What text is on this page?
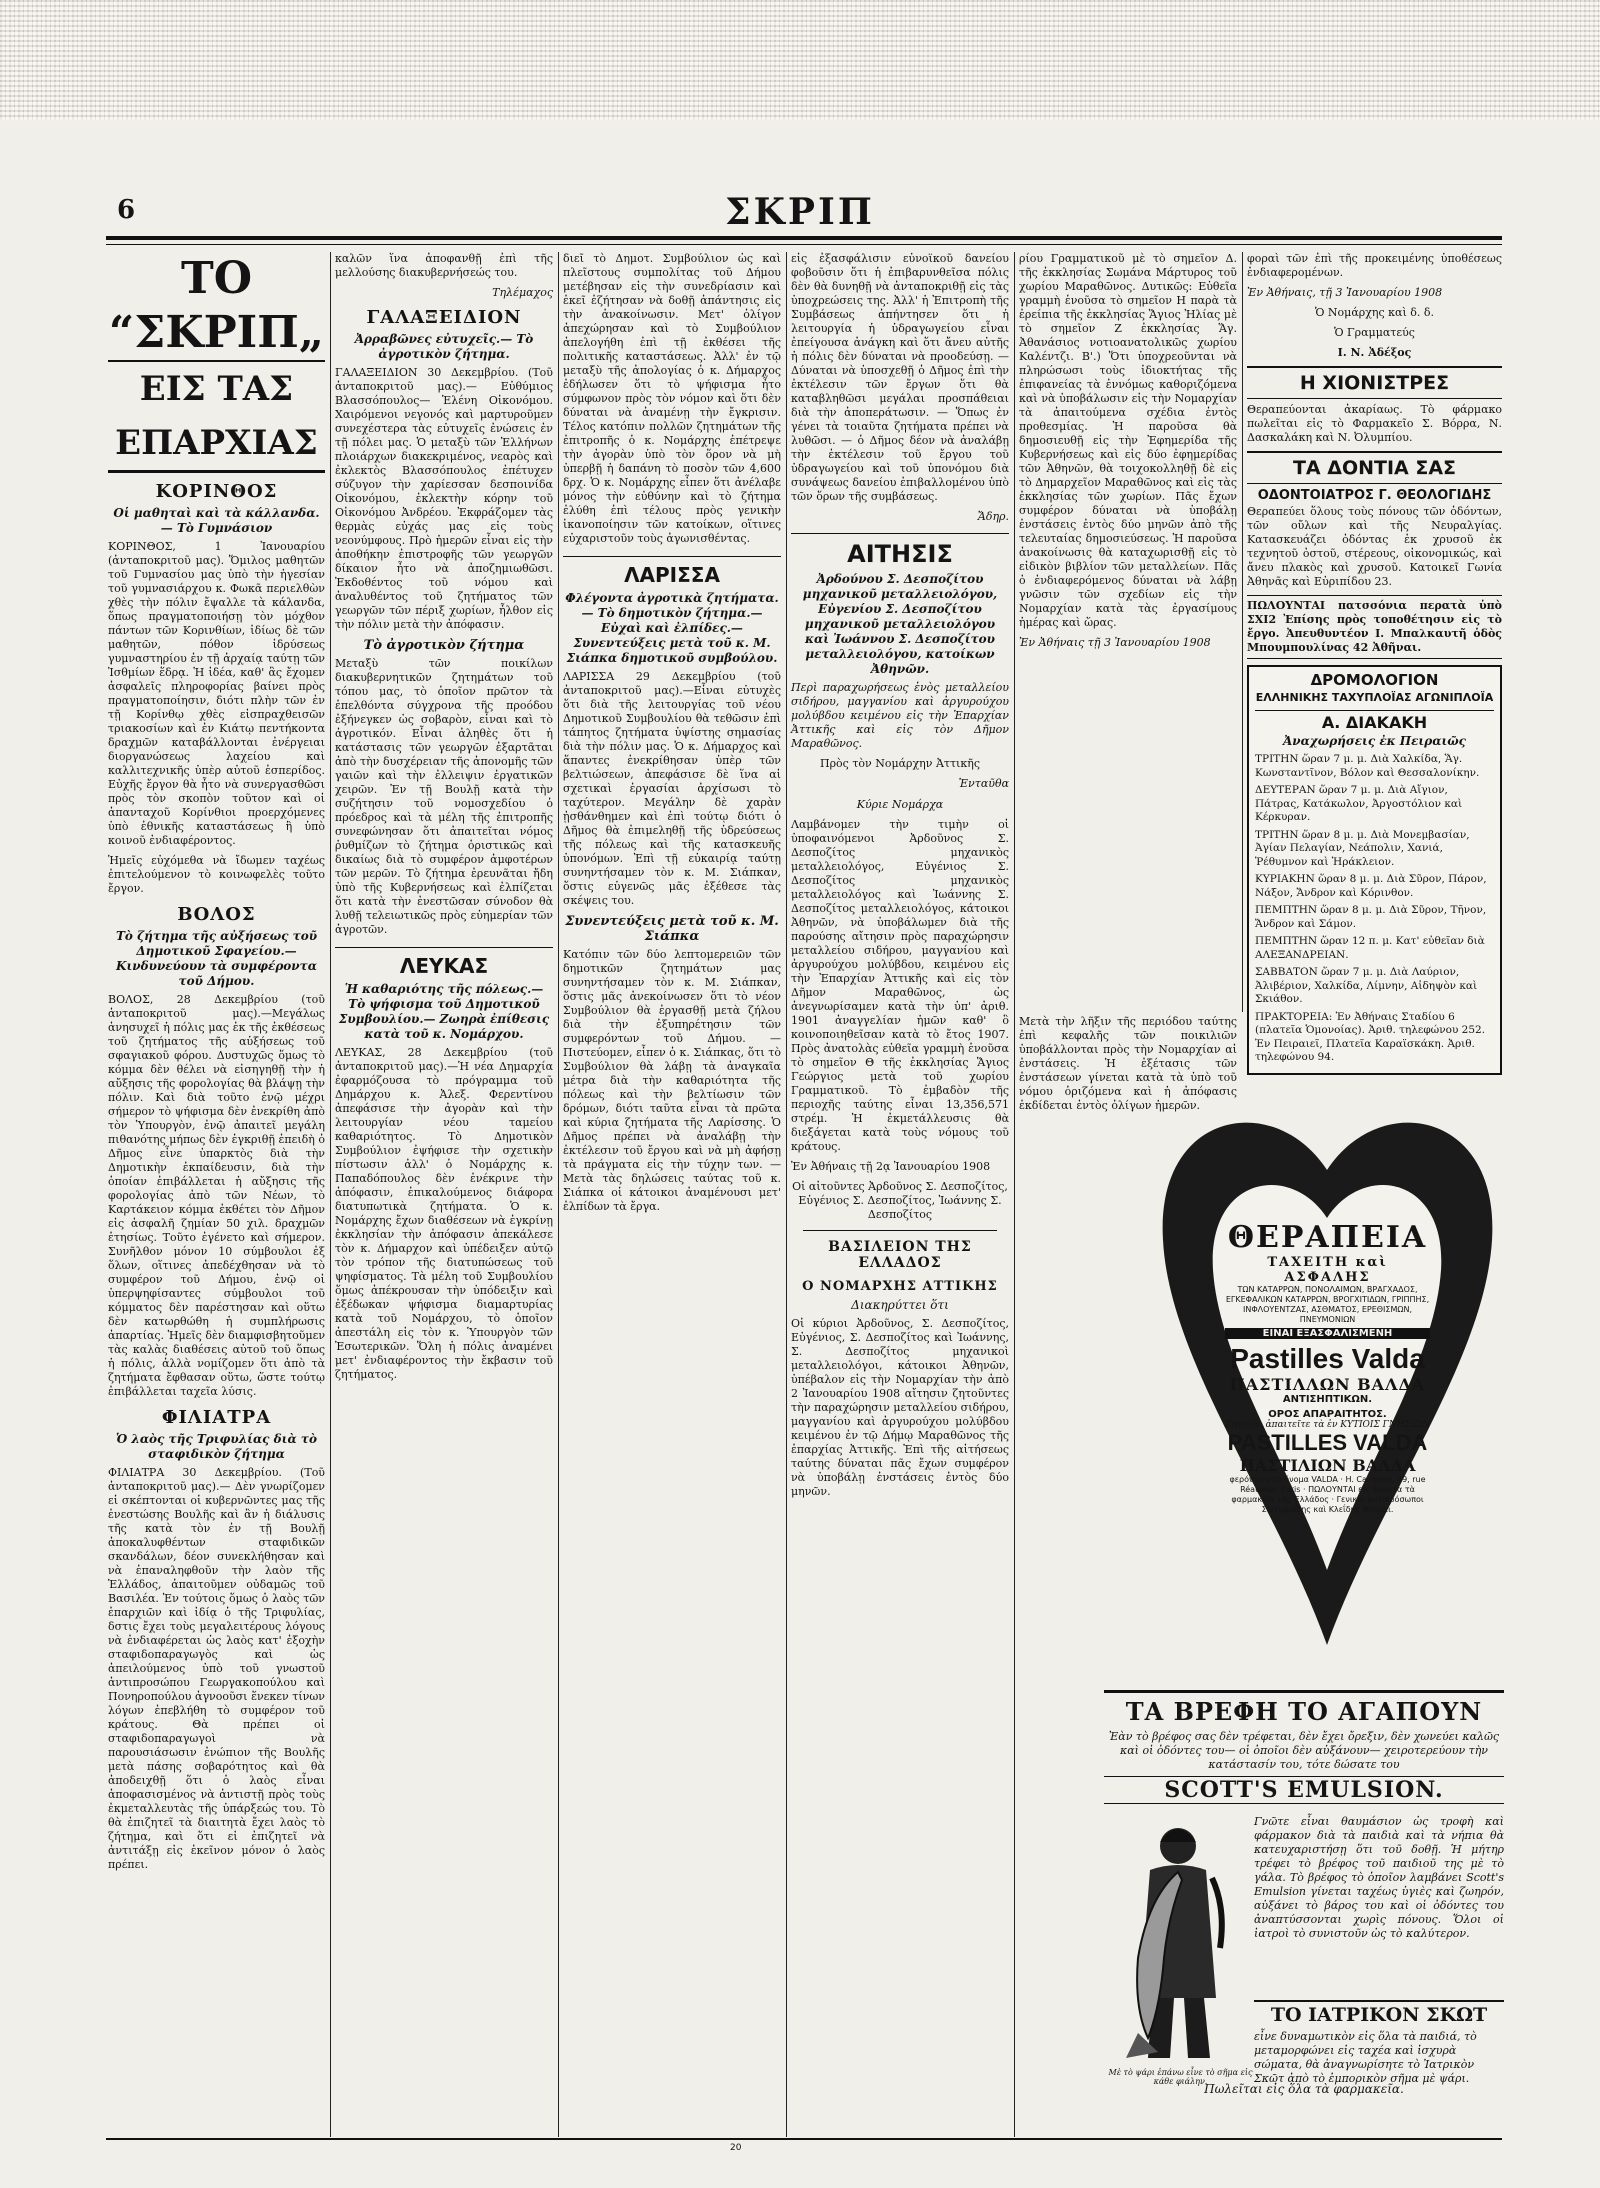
6	ΣΚΡΙΠ
ΤΟ “ΣΚΡΙΠ„
ΕΙΣ ΤΑΣ ΕΠΑΡΧΙΑΣ
ΚΟΡΙΝΘΟΣ
Οἱ μαθηταὶ καὶ τὰ κάλλανδα.— Τὸ Γυμνάσιον

ΚΟΡΙΝΘΟΣ, 1 Ἰανουαρίου (ἀνταποκριτοῦ μας). Ὅμιλος μαθητῶν τοῦ Γυμνασίου μας ὑπὸ τὴν ἡγεσίαν τοῦ γυμνασιάρχου κ. Φωκᾶ περιελθὼν χθὲς τὴν πόλιν ἔψαλλε τὰ κάλανδα, ὅπως πραγματοποιήσῃ τὸν μόχθον πάντων τῶν Κορινθίων, ἰδίως δὲ τῶν μαθητῶν, πόθον ἱδρύσεως γυμναστηρίου ἐν τῇ ἀρχαίᾳ ταύτῃ τῶν Ἰσθμίων ἕδρᾳ. Ἡ ἰδέα, καθ' ἃς ἔχομεν ἀσφαλεῖς πληροφορίας βαίνει πρὸς πραγματοποίησιν, διότι πλὴν τῶν ἐν τῇ Κορίνθῳ χθὲς εἰσπραχθεισῶν τριακοσίων καὶ ἐν Κιάτῳ πεντήκοντα δραχμῶν καταβάλλονται ἐνέργειαι διοργανώσεως λαχείου καὶ καλλιτεχνικῆς ὑπὲρ αὐτοῦ ἑσπερίδος. Εὐχῆς ἔργον θὰ ἦτο νὰ συνεργασθῶσι πρὸς τὸν σκοπὸν τοῦτον καὶ οἱ ἁπανταχοῦ Κορίνθιοι προερχόμενες ὑπὸ ἐθνικῆς καταστάσεως ἢ ὑπὸ κοινοῦ ἐνδιαφέροντος.

Ἡμεῖς εὐχόμεθα νὰ ἴδωμεν ταχέως ἐπιτελούμενον τὸ κοινωφελὲς τοῦτο ἔργον.

ΒΟΛΟΣ
Τὸ ζήτημα τῆς αὐξήσεως τοῦ Δημοτικοῦ Σφαγείου.—Κινδυνεύουν τὰ συμφέροντα τοῦ Δήμου.

ΒΟΛΟΣ, 28 Δεκεμβρίου (τοῦ ἀνταποκριτοῦ μας).—Μεγάλως ἀνησυχεῖ ἡ πόλις μας ἐκ τῆς ἐκθέσεως τοῦ ζητήματος τῆς αὐξήσεως τοῦ σφαγιακοῦ φόρου. Δυστυχῶς ὅμως τὸ κόμμα δὲν θέλει νὰ εἰσηγηθῇ τὴν ἡ αὔξησις τῆς φορολογίας θὰ βλάψῃ τὴν πόλιν. Καὶ διὰ τοῦτο ἐνῷ μέχρι σήμερον τὸ ψήφισμα δὲν ἐνεκρίθη ἀπὸ τὸν Ὑπουργὸν, ἐνῷ ἀπαιτεῖ μεγάλη πιθανότης μήπως δὲν ἐγκριθῇ ἐπειδὴ ὁ Δῆμος εἶνε ὑπαρκτὸς διὰ τὴν Δημοτικὴν ἐκπαίδευσιν, διὰ τὴν ὁποίαν ἐπιβάλλεται ἡ αὔξησις τῆς φορολογίας ἀπὸ τῶν Νέων, τὸ Καρτάκειον κόμμα ἐκθέτει τὸν Δῆμον εἰς ἀσφαλῆ ζημίαν 50 χιλ. δραχμῶν ἐτησίως. Τοῦτο ἐγένετο καὶ σήμερον. Συνῆλθον μόνον 10 σύμβουλοι ἐξ ὅλων, οἵτινες ἀπεδέχθησαν νὰ τὸ συμφέρον τοῦ Δήμου, ἐνῷ οἱ ὑπερψηφίσαντες σύμβουλοι τοῦ κόμματος δὲν παρέστησαν καὶ οὕτω δὲν κατωρθώθη ἡ συμπλήρωσις ἀπαρτίας. Ἡμεῖς δὲν διαμφισβητοῦμεν τὰς καλὰς διαθέσεις αὐτοῦ τοῦ ὅπως ἡ πόλις, ἀλλὰ νομίζομεν ὅτι ἀπὸ τὰ ζητήματα ἔφθασαν οὕτω, ὥστε τούτῳ ἐπιβάλλεται ταχεῖα λύσις.

ΦΙΛΙΑΤΡΑ
Ὁ λαὸς τῆς Τριφυλίας διὰ τὸ σταφιδικὸν ζήτημα

ΦΙΛΙΑΤΡΑ 30 Δεκεμβρίου. (Τοῦ ἀνταποκριτοῦ μας).— Δὲν γνωρίζομεν εἰ σκέπτονται οἱ κυβερνῶντες μας τῆς ἐνεστώσης Βουλῆς καὶ ἂν ἡ διάλυσις τῆς κατὰ τὸν ἐν τῇ Βουλῇ ἀποκαλυφθέντων σταφιδικῶν σκανδάλων, δέον συνεκλήθησαν καὶ νὰ ἐπαναληφθοῦν τὴν λαὸν τῆς Ἑλλάδος, ἀπαιτοῦμεν οὐδαμῶς τοῦ Βασιλέα. Ἐν τούτοις ὅμως ὁ λαὸς τῶν ἐπαρχιῶν καὶ ἰδίᾳ ὁ τῆς Τριφυλίας, δστις ἔχει τοὺς μεγαλειτέρους λόγους νὰ ἐνδιαφέρεται ὡς λαὸς κατ' ἐξοχὴν σταφιδοπαραγωγὸς καὶ ὡς ἀπειλούμενος ὑπὸ τοῦ γνωστοῦ ἀντιπροσώπου Γεωργακοπούλου καὶ Πονηροπούλου ἀγνοοῦσι ἕνεκεν τίνων λόγων ἐπεβλήθη τὸ συμφέρον τοῦ κράτους. Θὰ πρέπει οἱ σταφιδοπαραγωγοὶ νὰ παρουσιάσωσιν ἐνώπιον τῆς Βουλῆς μετὰ πάσης σοβαρότητος καὶ θὰ ἀποδειχθῇ ὅτι ὁ λαὸς εἶναι ἀποφασισμένος νὰ ἀντιστῇ πρὸς τοὺς ἐκμεταλλευτὰς τῆς ὑπάρξεώς του. Τὸ θὰ ἐπιζητεῖ τὰ διαιτητὰ ἔχει λαὸς τὸ ζήτημα, καὶ ὅτι εἰ ἐπιζητεῖ νὰ ἀντιτάξῃ εἰς ἐκεῖνον μόνον ὁ λαὸς πρέπει.

καλῶν ἵνα ἀποφανθῇ ἐπὶ τῆς μελλούσης διακυβερνήσεώς του.

Τηλέμαχος
ΓΑΛΑΞΕΙΔΙΟΝ
Ἀρραβῶνες εὐτυχεῖς.— Τὸ ἀγροτικὸν ζήτημα.

ΓΑΛΑΞΕΙΔΙΟΝ 30 Δεκεμβρίου. (Τοῦ ἀνταποκριτοῦ μας).— Εὐθύμιος Βλασσόπουλος— Ἑλένη Οἰκονόμου. Χαιρόμενοι νεγονός καὶ μαρτυροῦμεν συνεχέστερα τὰς εὐτυχεῖς ἐνώσεις ἐν τῇ πόλει μας. Ὁ μεταξὺ τῶν Ἑλλήνων πλοιάρχων διακεκριμένος, νεαρὸς καὶ ἐκλεκτὸς Βλασσόπουλος ἐπέτυχεν σύζυγον τὴν χαρίεσσαν δεσποινίδα Οἰκονόμου, ἐκλεκτὴν κόρην τοῦ Οἰκονόμου Ἀνδρέου. Ἐκφράζομεν τὰς θερμὰς εὐχάς μας εἰς τοὺς νεονύμφους. Πρὸ ἡμερῶν εἶναι εἰς τὴν ἀποθήκην ἐπιστροφῆς τῶν γεωργῶν δίκαιον ἦτο νὰ ἀποζημιωθῶσι. Ἐκδοθέντος τοῦ νόμου καὶ ἀναλυθέντος τοῦ ζητήματος τῶν γεωργῶν τῶν πέριξ χωρίων, ἦλθον εἰς τὴν πόλιν μετὰ τὴν ἀπόφασιν.

Τὸ ἀγροτικὸν ζήτημα

Μεταξὺ τῶν ποικίλων διακυβερνητικῶν ζητημάτων τοῦ τόπου μας, τὸ ὁποῖον πρῶτον τὰ ἐπελθόντα σύγχρονα τῆς προόδου ἐξήνεγκεν ὡς σοβαρὸν, εἶναι καὶ τὸ ἀγροτικόν. Εἶναι ἀληθὲς ὅτι ἡ κατάστασις τῶν γεωργῶν ἐξαρτᾶται ἀπὸ τὴν δυσχέρειαν τῆς ἀπονομῆς τῶν γαιῶν καὶ τὴν ἐλλειψιν ἐργατικῶν χειρῶν. Ἐν τῇ Βουλῇ κατὰ τὴν συζήτησιν τοῦ νομοσχεδίου ὁ πρόεδρος καὶ τὰ μέλη τῆς ἐπιτροπῆς συνεφώνησαν ὅτι ἀπαιτεῖται νόμος ῥυθμίζων τὸ ζήτημα ὁριστικῶς καὶ δικαίως διὰ τὸ συμφέρον ἀμφοτέρων τῶν μερῶν. Τὸ ζήτημα ἐρευνᾶται ἤδη ὑπὸ τῆς Κυβερνήσεως καὶ ἐλπίζεται ὅτι κατὰ τὴν ἐνεστῶσαν σύνοδον θὰ λυθῇ τελειωτικῶς πρὸς εὐημερίαν τῶν ἀγροτῶν.

ΛΕΥΚΑΣ
Ἡ καθαριότης τῆς πόλεως.— Τὸ ψήφισμα τοῦ Δημοτικοῦ Συμβουλίου.— Ζωηρὰ ἐπίθεσις κατὰ τοῦ κ. Νομάρχου.

ΛΕΥΚΑΣ, 28 Δεκεμβρίου (τοῦ ἀνταποκριτοῦ μας).—Ἡ νέα Δημαρχία ἐφαρμόζουσα τὸ πρόγραμμα τοῦ Δημάρχου κ. Ἀλεξ. Φερεντίνου ἀπεφάσισε τὴν ἀγορὰν καὶ τὴν λειτουργίαν νέου ταμείου καθαριότητος. Τὸ Δημοτικὸν Συμβούλιον ἐψήφισε τὴν σχετικὴν πίστωσιν ἀλλ' ὁ Νομάρχης κ. Παπαδόπουλος δὲν ἐνέκρινε τὴν ἀπόφασιν, ἐπικαλούμενος διάφορα διατυπωτικὰ ζητήματα. Ὁ κ. Νομάρχης ἔχων διαθέσεων νὰ ἐγκρίνῃ ἐκκλησίαν τὴν ἀπόφασιν ἀπεκάλεσε τὸν κ. Δήμαρχον καὶ ὑπέδειξεν αὐτῷ τὸν τρόπον τῆς διατυπώσεως τοῦ ψηφίσματος. Τὰ μέλη τοῦ Συμβουλίου ὅμως ἀπέκρουσαν τὴν ὑπόδειξιν καὶ ἐξέδωκαν ψήφισμα διαμαρτυρίας κατὰ τοῦ Νομάρχου, τὸ ὁποῖον ἀπεστάλη εἰς τὸν κ. Ὑπουργὸν τῶν Ἐσωτερικῶν. Ὅλη ἡ πόλις ἀναμένει μετ' ἐνδιαφέροντος τὴν ἔκβασιν τοῦ ζητήματος.

διεῖ τὸ Δημοτ. Συμβούλιον ὡς καὶ πλεῖστους συμπολίτας τοῦ Δήμου μετέβησαν εἰς τὴν συνεδρίασιν καὶ ἐκεῖ ἐζήτησαν νὰ δοθῇ ἀπάντησις εἰς τὴν ἀνακοίνωσιν. Μετ' ὀλίγον ἀπεχώρησαν καὶ τὸ Συμβούλιον ἀπελογήθη ἐπὶ τῇ ἐκθέσει τῆς πολιτικῆς καταστάσεως. Ἀλλ' ἐν τῷ μεταξὺ τῆς ἀπολογίας ὁ κ. Δήμαρχος ἐδήλωσεν ὅτι τὸ ψήφισμα ἦτο σύμφωνον πρὸς τὸν νόμον καὶ ὅτι δὲν δύναται νὰ ἀναμένῃ τὴν ἔγκρισιν. Τέλος κατόπιν πολλῶν ζητημάτων τῆς ἐπιτροπῆς ὁ κ. Νομάρχης ἐπέτρεψε τὴν ἀγορὰν ὑπὸ τὸν ὅρον νὰ μὴ ὑπερβῇ ἡ δαπάνη τὸ ποσὸν τῶν 4,600 δρχ. Ὁ κ. Νομάρχης εἶπεν ὅτι ἀνέλαβε μόνος τὴν εὐθύνην καὶ τὸ ζήτημα ἐλύθη ἐπὶ τέλους πρὸς γενικὴν ἱκανοποίησιν τῶν κατοίκων, οἵτινες εὐχαριστοῦν τοὺς ἀγωνισθέντας.

ΛΑΡΙΣΣΑ
Φλέγοντα ἀγροτικὰ ζητήματα.— Τὸ δημοτικὸν ζήτημα.— Εὐχαὶ καὶ ἐλπίδες.— Συνεντεύξεις μετὰ τοῦ κ. Μ. Σιάπκα δημοτικοῦ συμβούλου.

ΛΑΡΙΣΣΑ 29 Δεκεμβρίου (τοῦ ἀνταποκριτοῦ μας).—Εἶναι εὐτυχὲς ὅτι διὰ τῆς λειτουργίας τοῦ νέου Δημοτικοῦ Συμβουλίου θὰ τεθῶσιν ἐπὶ τάπητος ζητήματα ὑψίστης σημασίας διὰ τὴν πόλιν μας. Ὁ κ. Δήμαρχος καὶ ἅπαντες ἐνεκρίθησαν ὑπὲρ τῶν βελτιώσεων, ἀπεφάσισε δὲ ἵνα αἱ σχετικαὶ ἐργασίαι ἀρχίσωσι τὸ ταχύτερον. Μεγάλην δὲ χαρὰν ᾐσθάνθημεν καὶ ἐπὶ τούτῳ διότι ὁ Δῆμος θὰ ἐπιμεληθῇ τῆς ὑδρεύσεως τῆς πόλεως καὶ τῆς κατασκευῆς ὑπονόμων. Ἐπὶ τῇ εὐκαιρίᾳ ταύτῃ συνηντήσαμεν τὸν κ. Μ. Σιάπκαν, ὅστις εὐγενῶς μᾶς ἐξέθεσε τὰς σκέψεις του.

Συνεντεύξεις μετὰ τοῦ κ. Μ. Σιάπκα

Κατόπιν τῶν δύο λεπτομερειῶν τῶν δημοτικῶν ζητημάτων μας συνηντήσαμεν τὸν κ. Μ. Σιάπκαν, ὅστις μᾶς ἀνεκοίνωσεν ὅτι τὸ νέον Συμβούλιον θὰ ἐργασθῇ μετὰ ζήλου διὰ τὴν ἐξυπηρέτησιν τῶν συμφερόντων τοῦ Δήμου. — Πιστεύομεν, εἶπεν ὁ κ. Σιάπκας, ὅτι τὸ Συμβούλιον θὰ λάβῃ τὰ ἀναγκαῖα μέτρα διὰ τὴν καθαριότητα τῆς πόλεως καὶ τὴν βελτίωσιν τῶν δρόμων, διότι ταῦτα εἶναι τὰ πρῶτα καὶ κύρια ζητήματα τῆς Λαρίσσης. Ὁ Δῆμος πρέπει νὰ ἀναλάβῃ τὴν ἐκτέλεσιν τοῦ ἔργου καὶ νὰ μὴ ἀφήσῃ τὰ πράγματα εἰς τὴν τύχην των. — Μετὰ τὰς δηλώσεις ταύτας τοῦ κ. Σιάπκα οἱ κάτοικοι ἀναμένουσι μετ' ἐλπίδων τὰ ἔργα.

εἰς ἐξασφάλισιν εὐνοϊκοῦ δανείου φοβοῦσιν ὅτι ἡ ἐπιβαρυνθεῖσα πόλις δὲν θὰ δυνηθῇ νὰ ἀνταποκριθῇ εἰς τὰς ὑποχρεώσεις της. Ἀλλ' ἡ Ἐπιτροπὴ τῆς Συμβάσεως ἀπήντησεν ὅτι ἡ λειτουργία ἡ ὑδραγωγείου εἶναι ἐπείγουσα ἀνάγκη καὶ ὅτι ἄνευ αὐτῆς ἡ πόλις δὲν δύναται νὰ προοδεύσῃ. — Δύναται νὰ ὑποσχεθῇ ὁ Δῆμος ἐπὶ τὴν ἐκτέλεσιν τῶν ἔργων ὅτι θὰ καταβληθῶσι μεγάλαι προσπάθειαι διὰ τὴν ἀποπεράτωσιν. — Ὅπως ἐν γένει τὰ τοιαῦτα ζητήματα πρέπει νὰ λυθῶσι. — ὁ Δῆμος δέον νὰ ἀναλάβῃ τὴν ἐκτέλεσιν τοῦ ἔργου τοῦ ὑδραγωγείου καὶ τοῦ ὑπονόμου διὰ συνάψεως δανείου ἐπιβαλλομένου ὑπὸ τῶν ὅρων τῆς συμβάσεως.

Ἄδηρ.
ΑΙΤΗΣΙΣ
Ἀρδούνου Σ. Δεσποζίτου μηχανικοῦ μεταλλειολόγου, Εὐγενίου Σ. Δεσποζίτου μηχανικοῦ μεταλλειολόγου καὶ Ἰωάννου Σ. Δεσποζίτου μεταλλειολόγου, κατοίκων Ἀθηνῶν.

Περὶ παραχωρήσεως ἑνὸς μεταλλείου σιδήρου, μαγγανίου καὶ ἀργυρούχου μολύβδου κειμένου εἰς τὴν Ἐπαρχίαν Ἀττικῆς καὶ εἰς τὸν Δῆμον Μαραθῶνος.

Πρὸς τὸν Νομάρχην Ἀττικῆς

Ἐνταῦθα

Κύριε Νομάρχα

Λαμβάνομεν τὴν τιμὴν οἱ ὑποφαινόμενοι Ἀρδοῦνος Σ. Δεσποζίτος μηχανικὸς μεταλλειολόγος, Εὐγένιος Σ. Δεσποζίτος μηχανικὸς μεταλλειολόγος καὶ Ἰωάννης Σ. Δεσποζίτος μεταλλειολόγος, κάτοικοι Ἀθηνῶν, νὰ ὑποβάλωμεν διὰ τῆς παρούσης αἴτησιν πρὸς παραχώρησιν μεταλλείου σιδήρου, μαγγανίου καὶ ἀργυρούχου μολύβδου, κειμένου εἰς τὴν Ἐπαρχίαν Ἀττικῆς καὶ εἰς τὸν Δῆμον Μαραθῶνος, ὡς ἀνεγνωρίσαμεν κατὰ τὴν ὑπ' ἀριθ. 1901 ἀναγγελίαν ἡμῶν καθ' ὃ κοινοποιηθεῖσαν κατὰ τὸ ἔτος 1907. Πρὸς ἀνατολὰς εὐθεῖα γραμμὴ ἑνοῦσα τὸ σημεῖον Θ τῆς ἐκκλησίας Ἅγιος Γεώργιος μετὰ τοῦ χωρίου Γραμματικοῦ. Τὸ ἐμβαδὸν τῆς περιοχῆς ταύτης εἶναι 13,356,571 στρέμ. Ἡ ἐκμετάλλευσις θὰ διεξάγεται κατὰ τοὺς νόμους τοῦ κράτους.

Ἐν Ἀθήναις τῇ 2ᾳ Ἰανουαρίου 1908

Οἱ αἰτοῦντες Ἀρδοῦνος Σ. Δεσποζίτος, Εὐγένιος Σ. Δεσποζίτος, Ἰωάννης Σ. Δεσποζίτος

ΒΑΣΙΛΕΙΟΝ ΤΗΣ ΕΛΛΑΔΟΣ
Ο ΝΟΜΑΡΧΗΣ ΑΤΤΙΚΗΣ
Διακηρύττει ὅτι

Οἱ κύριοι Ἀρδοῦνος, Σ. Δεσποζίτος, Εὐγένιος, Σ. Δεσποζίτος καὶ Ἰωάννης, Σ. Δεσποζίτος μηχανικοὶ μεταλλειολόγοι, κάτοικοι Ἀθηνῶν, ὑπέβαλον εἰς τὴν Νομαρχίαν τὴν ἀπὸ 2 Ἰανουαρίου 1908 αἴτησιν ζητοῦντες τὴν παραχώρησιν μεταλλείου σιδήρου, μαγγανίου καὶ ἀργυρούχου μολύβδου κειμένου ἐν τῷ Δήμῳ Μαραθῶνος τῆς ἐπαρχίας Ἀττικῆς. Ἐπὶ τῆς αἰτήσεως ταύτης δύναται πᾶς ἔχων συμφέρον νὰ ὑποβάλῃ ἐνστάσεις ἐντὸς δύο μηνῶν.

ρίου Γραμματικοῦ μὲ τὸ σημεῖον Δ. τῆς ἐκκλησίας Σωμάνα Μάρτυρος τοῦ χωρίου Μαραθῶνος. Δυτικῶς: Εὐθεῖα γραμμὴ ἑνοῦσα τὸ σημεῖον Η παρὰ τὰ ἐρείπια τῆς ἐκκλησίας Ἅγιος Ἠλίας μὲ τὸ σημεῖον Ζ ἐκκλησίας Ἅγ. Ἀθανάσιος νοτιοανατολικῶς χωρίου Καλέντζι. Β'.) Ὅτι ὑποχρεοῦνται νὰ πληρώσωσι τοὺς ἰδιοκτήτας τῆς ἐπιφανείας τὰ ἐννόμως καθοριζόμενα καὶ νὰ ὑποβάλωσιν εἰς τὴν Νομαρχίαν τὰ ἀπαιτούμενα σχέδια ἐντὸς προθεσμίας. Ἡ παροῦσα θὰ δημοσιευθῇ εἰς τὴν Ἐφημερίδα τῆς Κυβερνήσεως καὶ εἰς δύο ἐφημερίδας τῶν Ἀθηνῶν, θὰ τοιχοκολληθῇ δὲ εἰς τὸ Δημαρχεῖον Μαραθῶνος καὶ εἰς τὰς ἐκκλησίας τῶν χωρίων. Πᾶς ἔχων συμφέρον δύναται νὰ ὑποβάλῃ ἐνστάσεις ἐντὸς δύο μηνῶν ἀπὸ τῆς τελευταίας δημοσιεύσεως. Ἡ παροῦσα ἀνακοίνωσις θὰ καταχωρισθῇ εἰς τὸ εἰδικὸν βιβλίον τῶν μεταλλείων. Πᾶς ὁ ἐνδιαφερόμενος δύναται νὰ λάβῃ γνῶσιν τῶν σχεδίων εἰς τὴν Νομαρχίαν κατὰ τὰς ἐργασίμους ἡμέρας καὶ ὥρας.

Ἐν Ἀθήναις τῇ 3 Ἰανουαρίου 1908

φοραὶ τῶν ἐπὶ τῆς προκειμένης ὑποθέσεως ἐνδιαφερομένων.

Ἐν Ἀθήναις, τῇ 3 Ἰανουαρίου 1908

Ὁ Νομάρχης καὶ δ. δ.

Ὁ Γραμματεύς

Ι. Ν. Ἀδέξος

Η ΧΙΟΝΙΣΤΡΕΣ

Θεραπεύονται ἀκαρίαως. Τὸ φάρμακο πωλεῖται εἰς τὸ Φαρμακεῖο Σ. Βόρρα, Ν. Δασκαλάκη καὶ Ν. Ὀλυμπίου.

ΤΑ ΔΟΝΤΙΑ ΣΑΣ
ΟΔΟΝΤΟΙΑΤΡΟΣ Γ. ΘΕΟΛΟΓΙΔΗΣ

Θεραπεύει ὅλους τοὺς πόνους τῶν ὀδόντων, τῶν οὔλων καὶ τῆς Νευραλγίας. Κατασκευάζει ὀδόντας ἐκ χρυσοῦ ἐκ τεχνητοῦ ὀστοῦ, στέρεους, οἰκονομικώς, καὶ ἄνευ πλακὸς καὶ χρυσοῦ. Κατοικεῖ Γωνία Ἀθηνᾶς καὶ Εὐριπίδου 23.

ΠΩΛΟΥΝΤΑΙ πατσσόνια περατὰ ὑπὸ ΣΧΙ2 Ἐπίσης πρὸς τοποθέτησιν εἰς τὸ ἔργο. Ἀπευθυντέον Ι. Μπαλκαυτῆ ὁδὸς Μπουμπουλίνας 42 Ἀθῆναι.

ΔΡΟΜΟΛΟΓΙΟΝ
ΕΛΛΗΝΙΚΗΣ ΤΑΧΥΠΛΟΪΑΣ ΑΓΩΝΙΠΛΟΪΑ
Α. ΔΙΑΚΑΚΗ
Ἀναχωρήσεις ἐκ Πειραιῶς

ΤΡΙΤΗΝ ὥραν 7 μ. μ. Διὰ Χαλκίδα, Ἅγ. Κωνσταντῖνον, Βόλον καὶ Θεσσαλονίκην.

ΔΕΥΤΕΡΑΝ ὥραν 7 μ. μ. Διὰ Αἴγιον, Πάτρας, Κατάκωλον, Ἀργοστόλιον καὶ Κέρκυραν.

ΤΡΙΤΗΝ ὥραν 8 μ. μ. Διὰ Μονεμβασίαν, Ἀγίαν Πελαγίαν, Νεάπολιν, Χανιά, Ῥέθυμνον καὶ Ἡράκλειον.

ΚΥΡΙΑΚΗΝ ὥραν 8 μ. μ. Διὰ Σῦρον, Πάρον, Νάξον, Ἄνδρον καὶ Κόρινθον.

ΠΕΜΠΤΗΝ ὥραν 8 μ. μ. Διὰ Σῦρον, Τῆνον, Ἄνδρον καὶ Σάμον.

ΠΕΜΠΤΗΝ ὥραν 12 π. μ. Κατ' εὐθεῖαν διὰ ΑΛΕΞΑΝΔΡΕΙΑΝ.

ΣΑΒΒΑΤΟΝ ὥραν 7 μ. μ. Διὰ Λαύριον, Ἀλιβέριον, Χαλκίδα, Λίμνην, Αἰδηψὸν καὶ Σκιάθον.

ΠΡΑΚΤΟΡΕΙΑ: Ἐν Ἀθήναις Σταδίου 6 (πλατεῖα Ὁμονοίας). Ἀριθ. τηλεφώνου 252. Ἐν Πειραιεῖ, Πλατεῖα Καραϊσκάκη. Ἀριθ. τηλεφώνου 94.

Μετὰ τὴν λῆξιν τῆς περιόδου ταύτης ἐπὶ κεφαλῆς τῶν ποικιλιῶν ὑποβάλλονται πρὸς τὴν Νομαρχίαν αἱ ἐνστάσεις. Ἡ ἐξέτασις τῶν ἐνστάσεων γίνεται κατὰ τὰ ὑπὸ τοῦ νόμου ὁριζόμενα καὶ ἡ ἀπόφασις ἐκδίδεται ἐντὸς ὀλίγων ἡμερῶν.

ΘΕΡΑΠΕΙΑ
ΤΑΧΕΙΤΗ καὶ ΑΣΦΑΛΗΣ
ΤΩΝ ΚΑΤΑΡΡΩΝ, ΠΟΝΟΛΑΙΜΩΝ, ΒΡΑΓΧΑΔΟΣ, ΕΓΚΕΦΑΛΙΚΩΝ ΚΑΤΑΡΡΩΝ, ΒΡΟΓΧΙΤΙΔΩΝ, ΓΡΙΠΠΗΣ, ΙΝΦΛΟΥΕΝΤΖΑΣ, ΑΣΘΜΑΤΟΣ, ΕΡΕΘΙΣΜΩΝ, ΠΝΕΥΜΟΝΙΩΝ
ΕΙΝΑΙ ΕΞΑΣΦΑΛΙΣΜΕΝΗ
Pastilles Valda
ΠΑΣΤΙΛΛΩΝ ΒΑΛΔΑ
ΑΝΤΙΣΗΠΤΙΚΩΝ.
ΟΡΟΣ ΑΠΑΡΑΙΤΗΤΟΣ.
Ζητεῖτε, ἀπαιτεῖτε τὰ ἐν ΚΥΤΙΟΙΣ ΓΝΗΣΙΩΝ
PASTILLES VALDA
ΠΑΣΤΙΛΙΩΝ ΒΑΛΔΑ
φερόντων τὸ ὄνομα VALDA · H. Canonne, 49, rue Réaumur, Paris · ΠΩΛΟΥΝΤΑΙ εἰς ἅπαντα τὰ φαρμακεῖα τῆς Ἑλλάδος · Γενικοὶ ἀντιπρόσωποι Σωτηριάδης καὶ Κλεΐδης Ἀθῆναι.
ΤΑ ΒΡΕΦΗ ΤΟ ΑΓΑΠΟΥΝ
Ἐὰν τὸ βρέφος σας δὲν τρέφεται, δὲν ἔχει ὄρεξιν, δὲν χωνεύει καλῶς καὶ οἱ ὀδόντες του— οἱ ὁποῖοι δὲν αὐξάνουν— χειροτερεύουν τὴν κατάστασίν του, τότε δώσατε του
SCOTT'S EMULSION.
Μὲ τὸ ψάρι ἐπάνω εἶνε τὸ σῆμα εἰς κάθε φιάλην.
Γνῶτε εἶναι θαυμάσιον ὡς τροφὴ καὶ φάρμακον διὰ τὰ παιδιὰ καὶ τὰ νήπια θὰ κατευχαριστήσῃ ὅτι τοῦ δοθῇ. Ἡ μήτηρ τρέφει τὸ βρέφος τοῦ παιδιοῦ της μὲ τὸ γάλα. Τὸ βρέφος τὸ ὁποῖον λαμβάνει Scott's Emulsion γίνεται ταχέως ὑγιὲς καὶ ζωηρόν, αὐξάνει τὸ βάρος του καὶ οἱ ὀδόντες του ἀναπτύσσονται χωρὶς πόνους. Ὅλοι οἱ ἰατροὶ τὸ συνιστοῦν ὡς τὸ καλύτερον.
ΤΟ ΙΑΤΡΙΚΟΝ ΣΚΩΤ
εἶνε δυναμωτικὸν εἰς ὅλα τὰ παιδιά, τὸ μεταμορφώνει εἰς ταχέα καὶ ἰσχυρὰ σώματα, θὰ ἀναγνωρίσητε τὸ Ἰατρικὸν Σκῶτ ἀπὸ τὸ ἐμπορικὸν σῆμα μὲ ψάρι.
Πωλεῖται εἰς ὅλα τὰ φαρμακεῖα.
20
